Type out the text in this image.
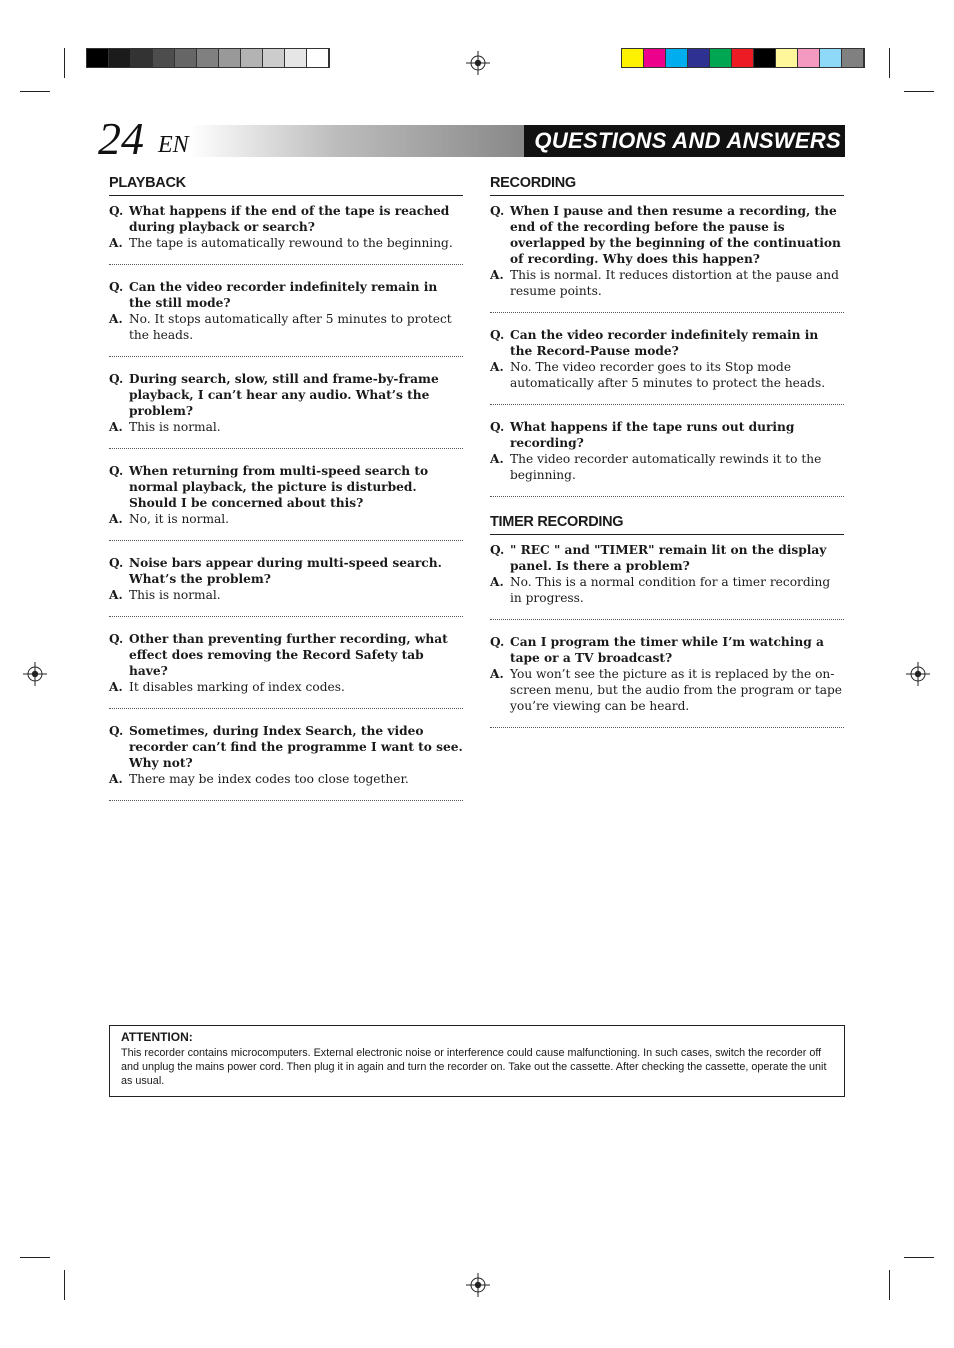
24 EN	QUESTIONS AND ANSWERS
PLAYBACK
Q. What happens if the end of the tape is reached during playback or search?
A. The tape is automatically rewound to the beginning.
Q. Can the video recorder indefinitely remain in the still mode?
A. No. It stops automatically after 5 minutes to protect the heads.
Q. During search, slow, still and frame-by-frame playback, I can’t hear any audio. What’s the problem?
A. This is normal.
Q. When returning from multi-speed search to normal playback, the picture is disturbed. Should I be concerned about this?
A. No, it is normal.
Q. Noise bars appear during multi-speed search. What’s the problem?
A. This is normal.
Q. Other than preventing further recording, what effect does removing the Record Safety tab have?
A. It disables marking of index codes.
Q. Sometimes, during Index Search, the video recorder can’t find the programme I want to see. Why not?
A. There may be index codes too close together.
RECORDING
Q. When I pause and then resume a recording, the end of the recording before the pause is overlapped by the beginning of the continuation of recording. Why does this happen?
A. This is normal. It reduces distortion at the pause and resume points.
Q. Can the video recorder indefinitely remain in the Record-Pause mode?
A. No. The video recorder goes to its Stop mode automatically after 5 minutes to protect the heads.
Q. What happens if the tape runs out during recording?
A. The video recorder automatically rewinds it to the beginning.
TIMER RECORDING
Q. " REC " and "TIMER" remain lit on the display panel. Is there a problem?
A. No. This is a normal condition for a timer recording in progress.
Q. Can I program the timer while I’m watching a tape or a TV broadcast?
A. You won’t see the picture as it is replaced by the on-screen menu, but the audio from the program or tape you’re viewing can be heard.
ATTENTION:
This recorder contains microcomputers. External electronic noise or interference could cause malfunctioning. In such cases, switch the recorder off and unplug the mains power cord. Then plug it in again and turn the recorder on. Take out the cassette. After checking the cassette, operate the unit as usual.
